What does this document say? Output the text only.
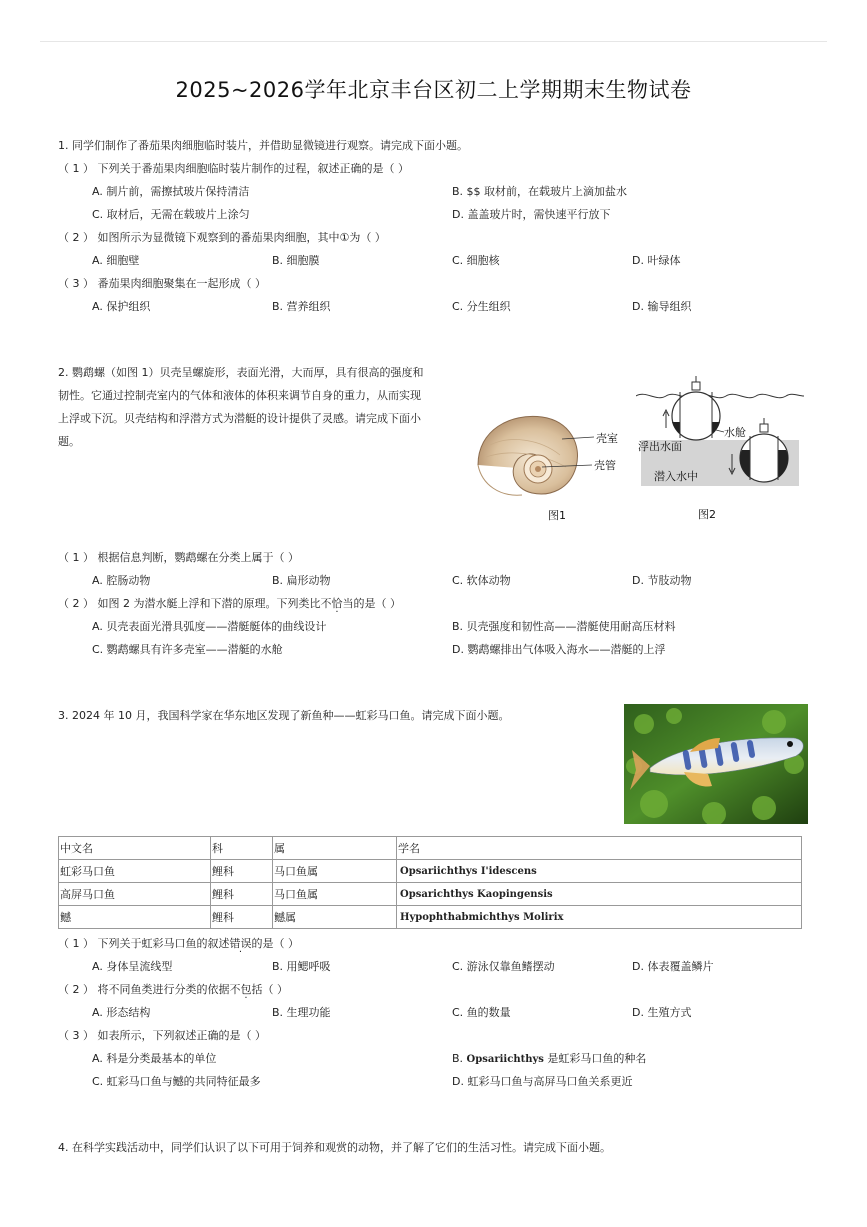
2025~2026学年北京丰台区初二上学期期末生物试卷
1. 同学们制作了番茄果肉细胞临时装片，并借助显微镜进行观察。请完成下面小题。
（ 1 ） 下列关于番茄果肉细胞临时装片制作的过程，叙述正确的是（ ）
A. 制片前，需擦拭玻片保持清洁	B. $$ 取材前，在载玻片上滴加盐水
C. 取材后，无需在载玻片上涂匀	D. 盖盖玻片时，需快速平行放下
（ 2 ） 如图所示为显微镜下观察到的番茄果肉细胞，其中①为（ ）
A. 细胞壁	B. 细胞膜	C. 细胞核	D. 叶绿体
（ 3 ） 番茄果肉细胞聚集在一起形成（ ）
A. 保护组织	B. 营养组织	C. 分生组织	D. 输导组织
2. 鹦鹉螺（如图 1）贝壳呈螺旋形，表面光滑，大而厚，具有很高的强度和
韧性。它通过控制壳室内的气体和液体的体积来调节自身的重力，从而实现
上浮或下沉。贝壳结构和浮潜方式为潜艇的设计提供了灵感。请完成下面小
题。	壳室
壳管
图1
水舱
浮出水面
潜入水中
图2
（ 1 ） 根据信息判断，鹦鹉螺在分类上属于（ ）
A. 腔肠动物	B. 扁形动物	C. 软体动物	D. 节肢动物
（ 2 ） 如图 2 为潜水艇上浮和下潜的原理。下列类比不恰当的是（ ）
A. 贝壳表面光滑具弧度——潜艇艇体的曲线设计	B. 贝壳强度和韧性高——潜艇使用耐高压材料
C. 鹦鹉螺具有许多壳室——潜艇的水舱	D. 鹦鹉螺排出气体吸入海水——潜艇的上浮
3. 2024 年 10 月，我国科学家在华东地区发现了新鱼种——虹彩马口鱼。请完成下面小题。
中文名	科	属	学名
虹彩马口鱼	鲤科	马口鱼属	Opsariichthys I'idescens
高屏马口鱼	鲤科	马口鱼属	Opsarichthys Kaopingensis
鳡	鲤科	鳡属	Hypophthabmichthys Molirix
（ 1 ） 下列关于虹彩马口鱼的叙述错误的是（ ）
A. 身体呈流线型	B. 用鳃呼吸	C. 游泳仅靠鱼鳍摆动	D. 体表覆盖鳞片
（ 2 ） 将不同鱼类进行分类的依据不包括（ ）
A. 形态结构	B. 生理功能	C. 鱼的数量	D. 生殖方式
（ 3 ） 如表所示，下列叙述正确的是（ ）
A. 科是分类最基本的单位	B. Opsariichthys 是虹彩马口鱼的种名
C. 虹彩马口鱼与鳡的共同特征最多	D. 虹彩马口鱼与高屏马口鱼关系更近
4. 在科学实践活动中，同学们认识了以下可用于饲养和观赏的动物，并了解了它们的生活习性。请完成下面小题。
